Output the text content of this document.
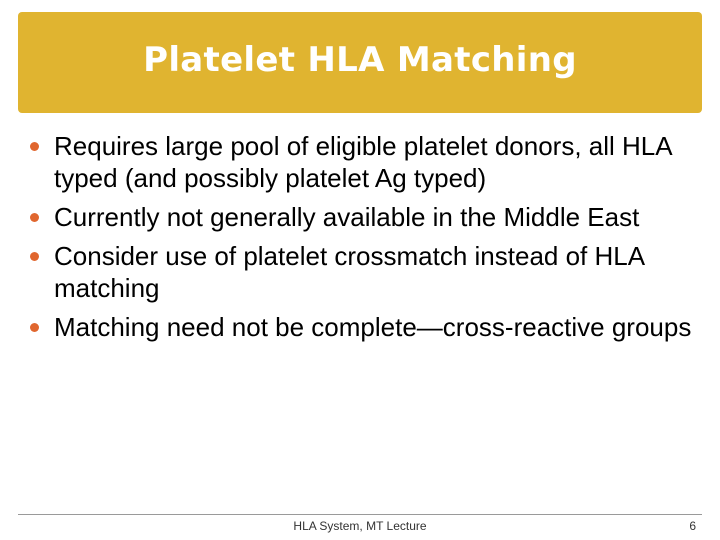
Platelet HLA Matching
Requires large pool of eligible platelet donors, all HLA typed (and possibly platelet Ag typed)
Currently not generally available in the Middle East
Consider use of platelet crossmatch instead of HLA matching
Matching need not be complete—cross-reactive groups
HLA System, MT Lecture	6
